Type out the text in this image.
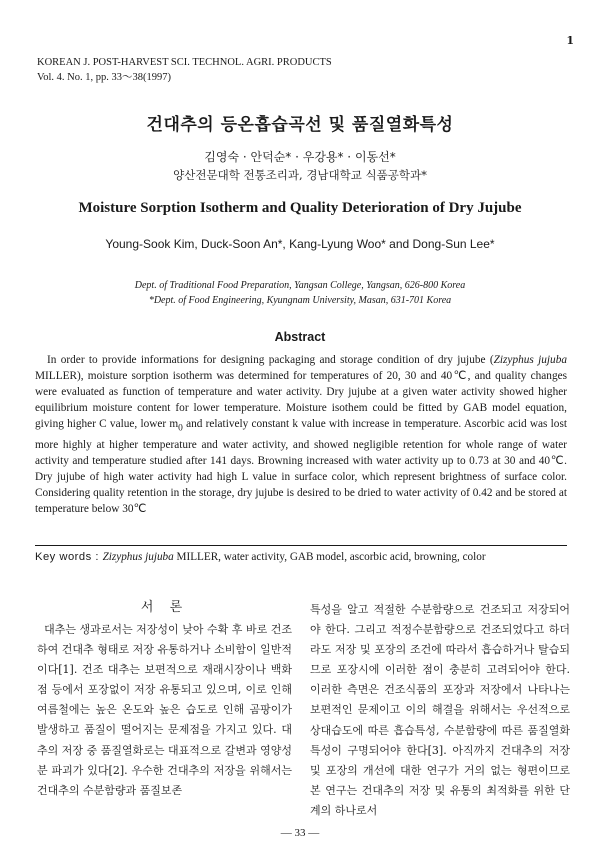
1
KOREAN J. POST-HARVEST SCI. TECHNOL. AGRI. PRODUCTS
Vol. 4. No. 1, pp. 33～38(1997)
건대추의 등온흡습곡선 및 품질열화특성
김영숙 · 안덕순* · 우강용* · 이동선*
양산전문대학 전통조리과, 경남대학교 식품공학과*
Moisture Sorption Isotherm and Quality Deterioration of Dry Jujube
Young-Sook Kim, Duck-Soon An*, Kang-Lyung Woo* and Dong-Sun Lee*
Dept. of Traditional Food Preparation, Yangsan College, Yangsan, 626-800 Korea
*Dept. of Food Engineering, Kyungnam University, Masan, 631-701 Korea
Abstract
In order to provide informations for designing packaging and storage condition of dry jujube (Zizyphus jujuba MILLER), moisture sorption isotherm was determined for temperatures of 20, 30 and 40℃, and quality changes were evaluated as function of temperature and water activity. Dry jujube at a given water activity showed higher equilibrium moisture content for lower temperature. Moisture isothem could be fitted by GAB model equation, giving higher C value, lower $m_0$ and relatively constant k value with increase in temperature. Ascorbic acid was lost more highly at higher temperature and water activity, and showed negligible retention for whole range of water activity and temperature studied after 141 days. Browning increased with water activity up to 0.73 at 30 and 40℃. Dry jujube of high water activity had high L value in surface color, which represent brightness of surface color. Considering quality retention in the storage, dry jujube is desired to be dried to water activity of 0.42 and be stored at temperature below 30℃
Key words : Zizyphus jujuba MILLER, water activity, GAB model, ascorbic acid, browning, color
서 론

대추는 생과로서는 저장성이 낮아 수확 후 바로 건조하여 건대추 형태로 저장 유통하거나 소비함이 일반적이다[1]. 건조 대추는 보편적으로 재래시장이나 백화점 등에서 포장없이 저장 유통되고 있으며, 이로 인해 여름철에는 높은 온도와 높은 습도로 인해 곰팡이가 발생하고 품질이 떨어지는 문제점을 가지고 있다. 대추의 저장 중 품질열화로는 대표적으로 갈변과 영양성분 파괴가 있다[2]. 우수한 건대추의 저장을 위해서는 건대추의 수분함량과 품질보존

특성을 알고 적절한 수분함량으로 건조되고 저장되어야 한다. 그리고 적정수분함량으로 건조되었다고 하더라도 저장 및 포장의 조건에 따라서 흡습하거나 탈습되므로 포장시에 이러한 점이 충분히 고려되어야 한다. 이러한 측면은 건조식품의 포장과 저장에서 나타나는 보편적인 문제이고 이의 해결을 위해서는 우선적으로 상대습도에 따른 흡습특성, 수분함량에 따른 품질열화특성이 구명되어야 한다[3]. 아직까지 건대추의 저장 및 포장의 개선에 대한 연구가 거의 없는 형편이므로 본 연구는 건대추의 저장 및 유통의 최적화를 위한 단계의 하나로서

— 33 —
